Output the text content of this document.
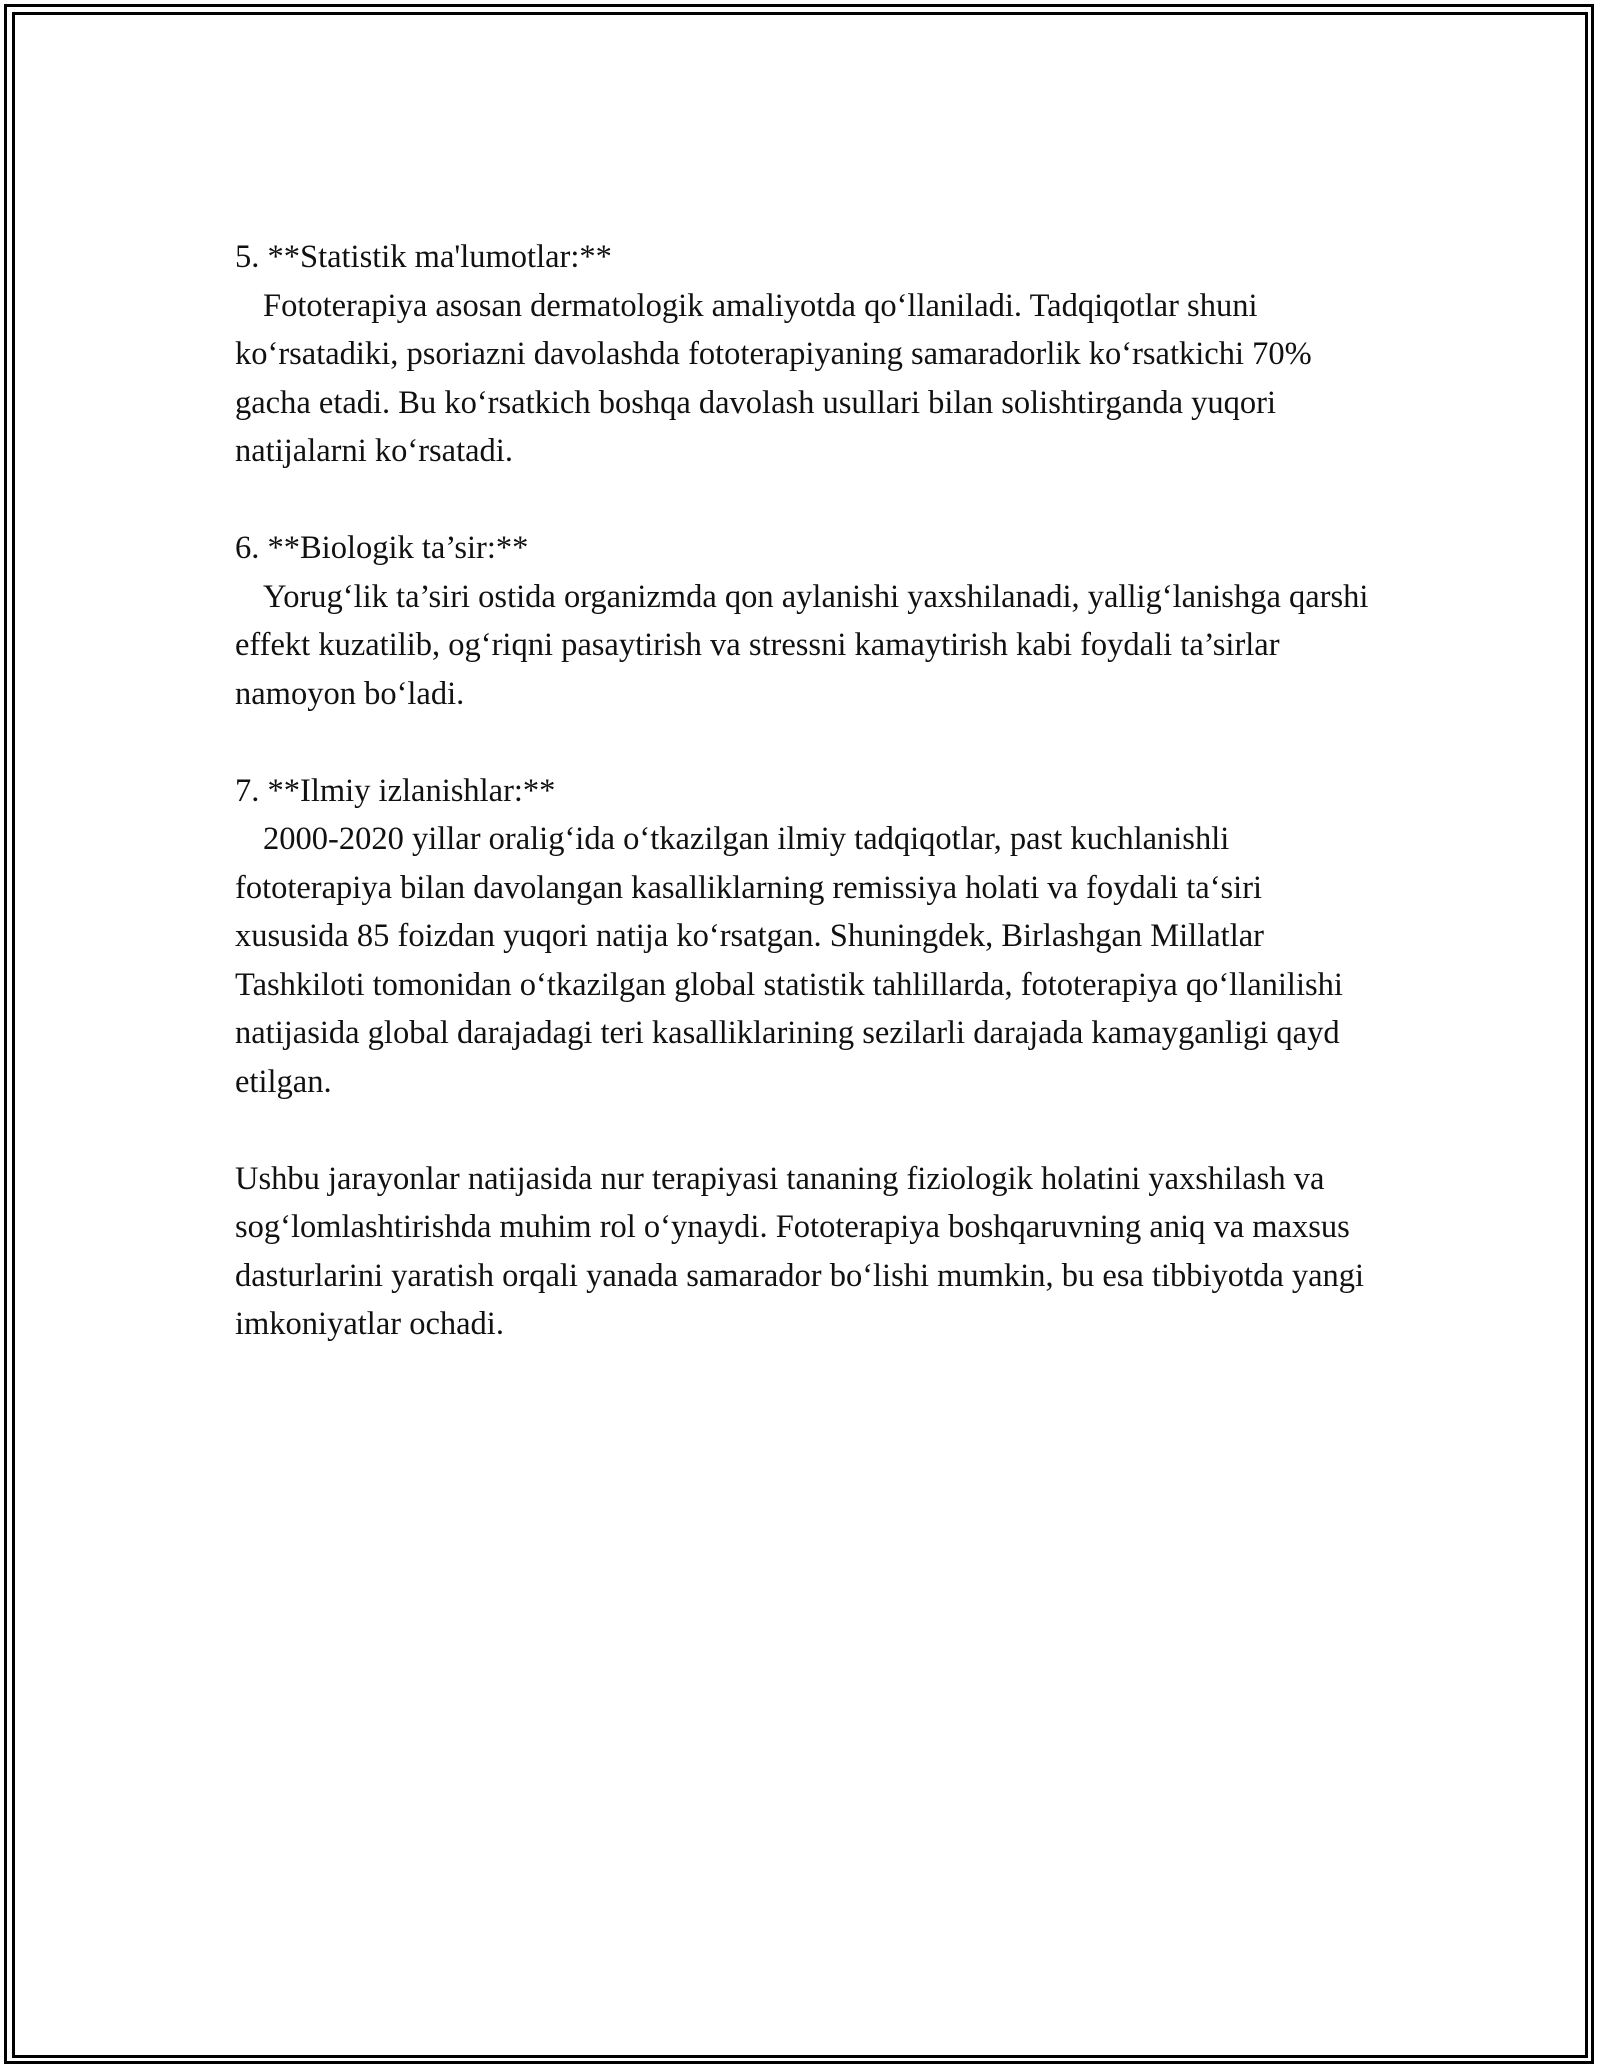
5. **Statistik ma'lumotlar:**

Fototerapiya asosan dermatologik amaliyotda qo‘llaniladi. Tadqiqotlar shuni ko‘rsatadiki, psoriazni davolashda fototerapiyaning samaradorlik ko‘rsatkichi 70% gacha etadi. Bu ko‘rsatkich boshqa davolash usullari bilan solishtirganda yuqori natijalarni ko‘rsatadi.

6. **Biologik ta’sir:**

Yorug‘lik ta’siri ostida organizmda qon aylanishi yaxshilanadi, yallig‘lanishga qarshi effekt kuzatilib, og‘riqni pasaytirish va stressni kamaytirish kabi foydali ta’sirlar namoyon bo‘ladi.

7. **Ilmiy izlanishlar:**

2000-2020 yillar oralig‘ida o‘tkazilgan ilmiy tadqiqotlar, past kuchlanishli fototerapiya bilan davolangan kasalliklarning remissiya holati va foydali ta‘siri xususida 85 foizdan yuqori natija ko‘rsatgan. Shuningdek, Birlashgan Millatlar Tashkiloti tomonidan o‘tkazilgan global statistik tahlillarda, fototerapiya qo‘llanilishi natijasida global darajadagi teri kasalliklarining sezilarli darajada kamayganligi qayd etilgan.

Ushbu jarayonlar natijasida nur terapiyasi tananing fiziologik holatini yaxshilash va sog‘lomlashtirishda muhim rol o‘ynaydi. Fototerapiya boshqaruvning aniq va maxsus dasturlarini yaratish orqali yanada samarador bo‘lishi mumkin, bu esa tibbiyotda yangi imkoniyatlar ochadi.
